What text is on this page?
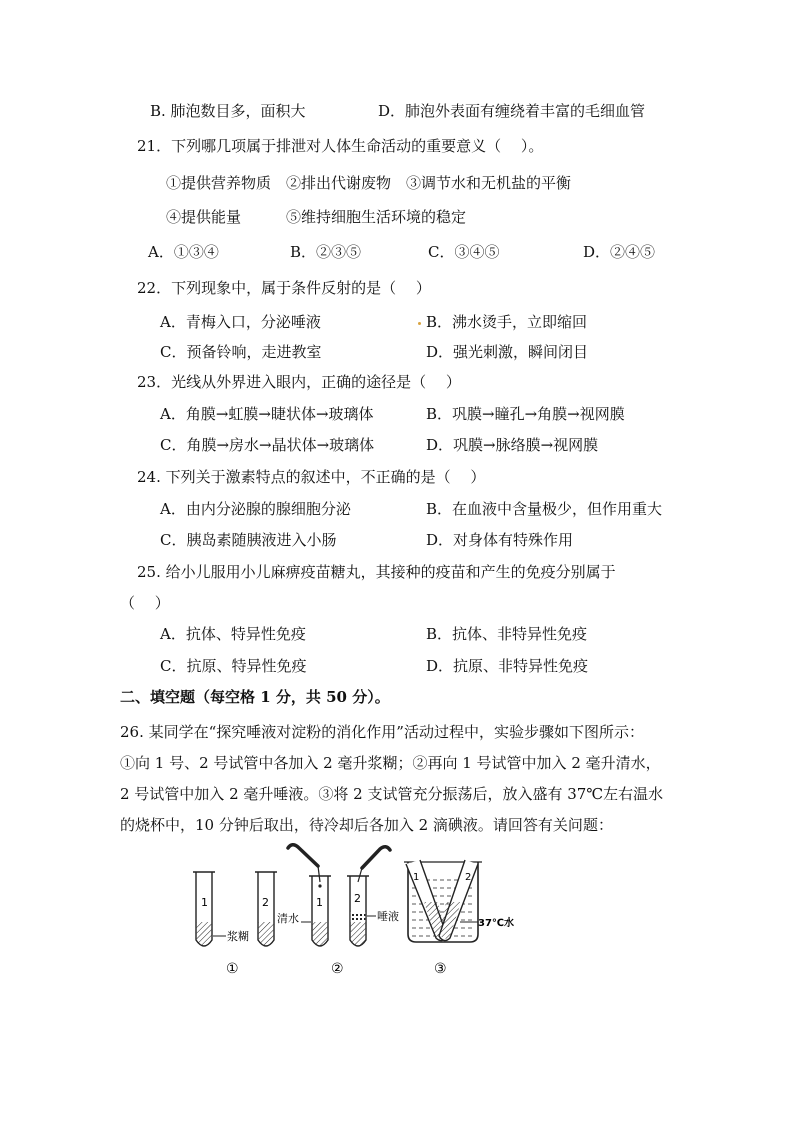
B. 肺泡数目多，面积大	D．肺泡外表面有缠绕着丰富的毛细血管
21．下列哪几项属于排泄对人体生命活动的重要意义（　 ）。
①提供营养物质　②排出代谢废物　③调节水和无机盐的平衡
④提供能量　　　⑤维持细胞生活环境的稳定
A．①③④	B．②③⑤	C．③④⑤	D．②④⑤
22．下列现象中，属于条件反射的是（　 ）
A．青梅入口，分泌唾液	B．沸水烫手，立即缩回
C．预备铃响，走进教室	D．强光刺激，瞬间闭目
23．光线从外界进入眼内，正确的途径是（　 ）
A．角膜→虹膜→睫状体→玻璃体	B．巩膜→瞳孔→角膜→视网膜
C．角膜→房水→晶状体→玻璃体	D．巩膜→脉络膜→视网膜
24. 下列关于激素特点的叙述中，不正确的是（　 ）
A．由内分泌腺的腺细胞分泌	B．在血液中含量极少，但作用重大
C．胰岛素随胰液进入小肠	D．对身体有特殊作用
25. 给小儿服用小儿麻痹疫苗糖丸，其接种的疫苗和产生的免疫分别属于
（　 ）
A．抗体、特异性免疫	B．抗体、非特异性免疫
C．抗原、特异性免疫	D．抗原、非特异性免疫
二、填空题（每空格 1 分，共 50 分）。
26. 某同学在“探究唾液对淀粉的消化作用”活动过程中，实验步骤如下图所示：
①向 1 号、2 号试管中各加入 2 毫升浆糊；②再向 1 号试管中加入 2 毫升清水，
2 号试管中加入 2 毫升唾液。③将 2 支试管充分振荡后，放入盛有 37℃左右温水
的烧杯中，10 分钟后取出，待冷却后各加入 2 滴碘液。请回答有关问题：
1	2
浆糊
①
1
清水
2
唾液
②
1	2
37℃水
③
